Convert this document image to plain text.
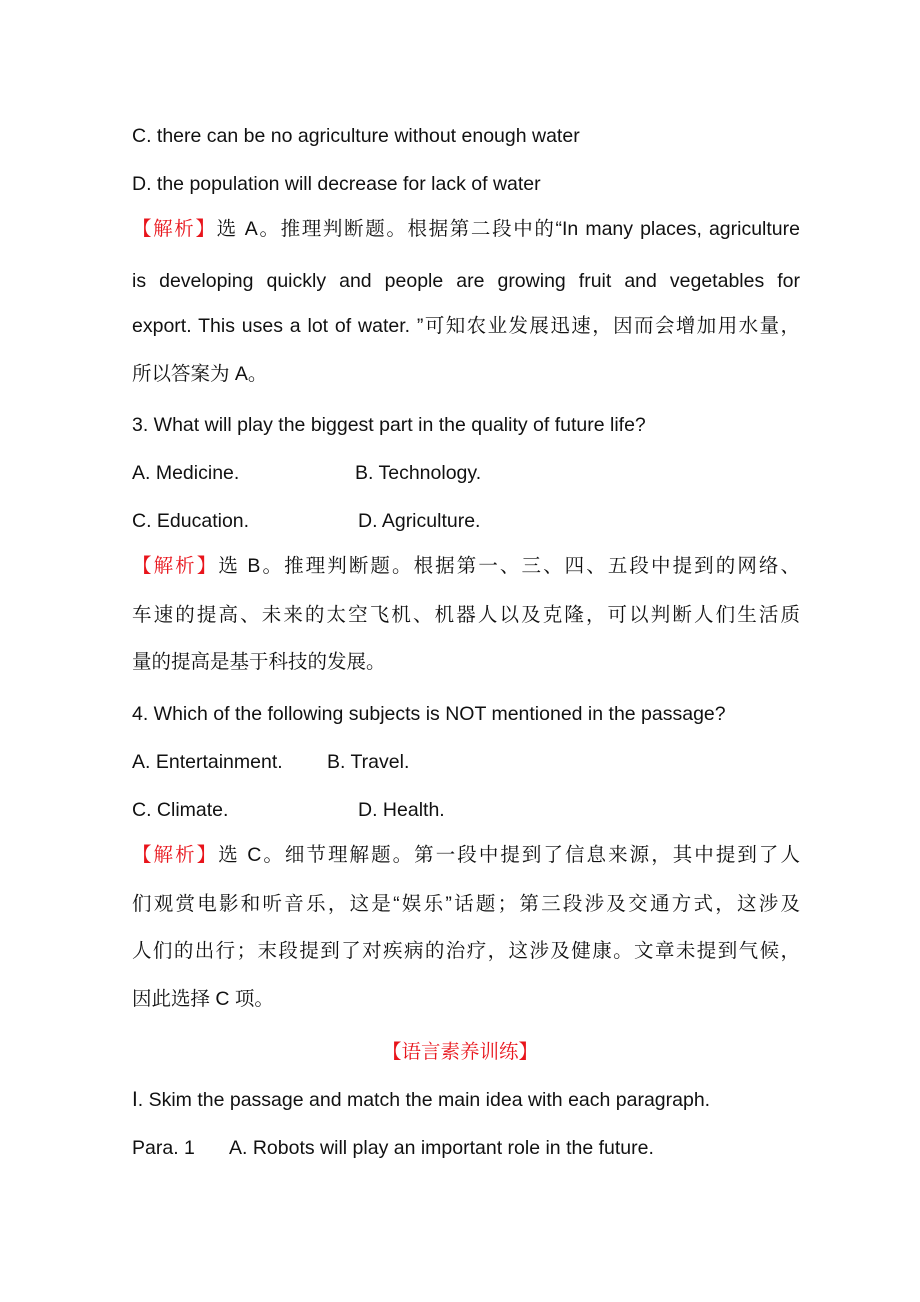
C. there can be no agriculture without enough water
D. the population will decrease for lack of water
【解析】选 A。推理判断题。根据第二段中的“In many places, agriculture
is developing quickly and people are growing fruit and vegetables for
export. This uses a lot of water. ”可知农业发展迅速，因而会增加用水量，
所以答案为 A。
3. What will play the biggest part in the quality of future life?
A. Medicine.	B. Technology.
C. Education.	D. Agriculture.
【解析】选 B。推理判断题。根据第一、三、四、五段中提到的网络、
车速的提高、未来的太空飞机、机器人以及克隆，可以判断人们生活质
量的提高是基于科技的发展。
4. Which of the following subjects is NOT mentioned in the passage?
A. Entertainment. B. Travel.
C. Climate.	D. Health.
【解析】选 C。细节理解题。第一段中提到了信息来源，其中提到了人
们观赏电影和听音乐，这是“娱乐”话题；第三段涉及交通方式，这涉及
人们的出行；末段提到了对疾病的治疗，这涉及健康。文章未提到气候，
因此选择 C 项。
【语言素养训练】
Ⅰ. Skim the passage and match the main idea with each paragraph.
Para. 1 A. Robots will play an important role in the future.
